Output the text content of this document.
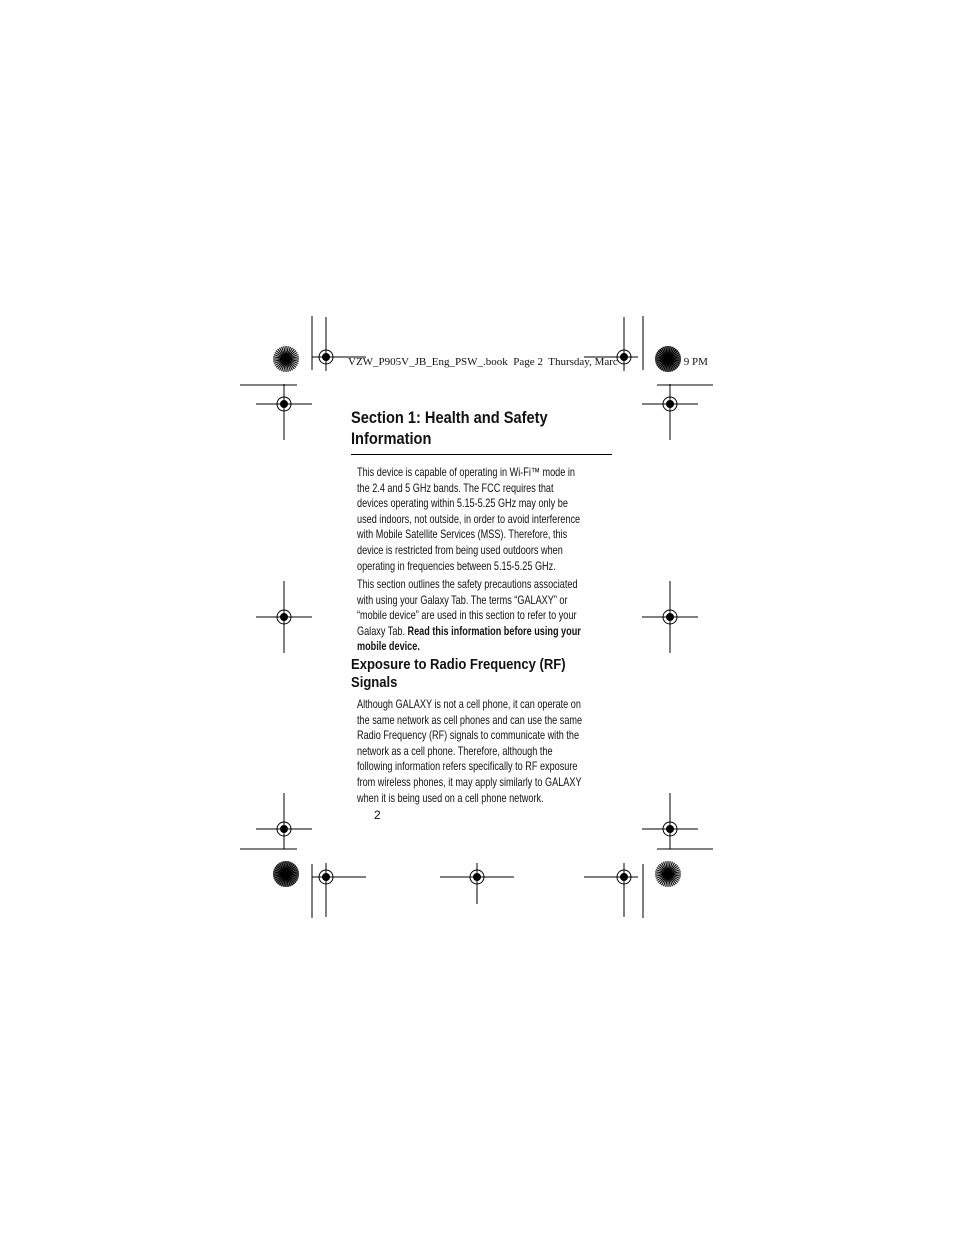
VZW_P905V_JB_Eng_PSW_.book  Page 2  Thursday, Marc	9 PM
Section 1: Health and Safety
Information
This device is capable of operating in Wi-Fi™ mode in
the 2.4 and 5 GHz bands. The FCC requires that
devices operating within 5.15-5.25 GHz may only be
used indoors, not outside, in order to avoid interference
with Mobile Satellite Services (MSS). Therefore, this
device is restricted from being used outdoors when
operating in frequencies between 5.15-5.25 GHz.
This section outlines the safety precautions associated
with using your Galaxy Tab. The terms “GALAXY” or
“mobile device” are used in this section to refer to your
Galaxy Tab. Read this information before using your
mobile device.
Exposure to Radio Frequency (RF)
Signals
Although GALAXY is not a cell phone, it can operate on
the same network as cell phones and can use the same
Radio Frequency (RF) signals to communicate with the
network as a cell phone. Therefore, although the
following information refers specifically to RF exposure
from wireless phones, it may apply similarly to GALAXY
when it is being used on a cell phone network.
2
